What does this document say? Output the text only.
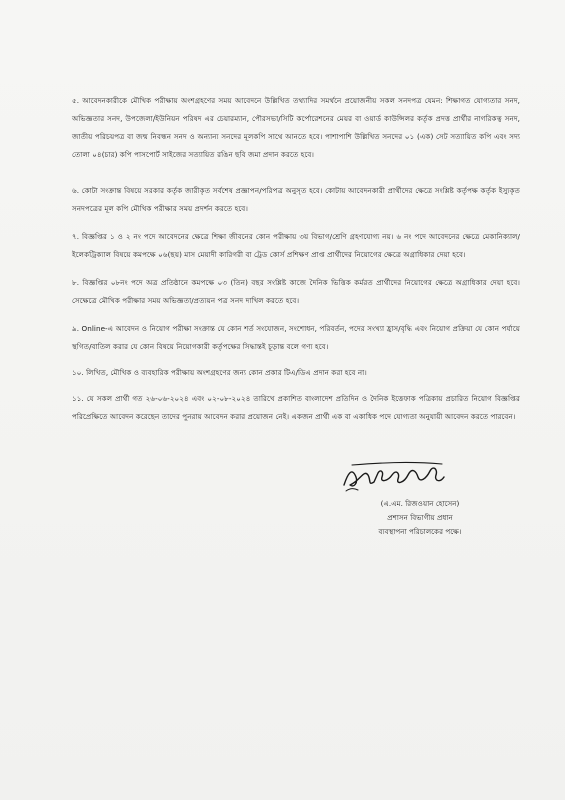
৫. আবেদনকারীকে মৌখিক পরীক্ষায় অংশগ্রহণের সময় আবেদনে উল্লিখিত তথ্যাদির সমর্থনে প্রয়োজনীয় সকল সনদপত্র যেমন: শিক্ষাগত যোগ্যতার সনদ, অভিজ্ঞতার সনদ, উপজেলা/ইউনিয়ন পরিষদ এর চেয়ারম্যান, পৌরসভা/সিটি কর্পোরেশনের মেয়র বা ওয়ার্ড কাউন্সিলর কর্তৃক প্রদত্ত প্রার্থীর নাগরিকত্ব সনদ, জাতীয় পরিচয়পত্র বা জন্ম নিবন্ধন সনদ ও অন্যান্য সনদের মূলকপি সাথে আনতে হবে। পাশাপাশি উল্লিখিত সনদের ০১ (এক) সেট সত্যায়িত কপি এবং সদ্য তোলা ০৪(চার) কপি পাসপোর্ট সাইজের সত্যায়িত রঙিন ছবি জমা প্রদান করতে হবে।

৬. কোটা সংক্রান্ত বিষয়ে সরকার কর্তৃক জারীকৃত সর্বশেষ প্রজ্ঞাপন/পরিপত্র অনুসৃত হবে। কোটায় আবেদনকারী প্রার্থীদের ক্ষেত্রে সংশ্লিষ্ট কর্তৃপক্ষ কর্তৃক ইস্যুকৃত সনদপত্রের মূল কপি মৌখিক পরীক্ষার সময় প্রদর্শন করতে হবে।

৭. বিজ্ঞপ্তির ১ ও ২ নং পদে আবেদনের ক্ষেত্রে শিক্ষা জীবনের কোন পরীক্ষায় ৩য় বিভাগ/শ্রেণি গ্রহণযোগ্য নয়। ৬ নং পদে আবেদনের ক্ষেত্রে মেকানিক্যাল/ইলেকট্রিক্যাল বিষয়ে কমপক্ষে ০৬(ছয়) মাস মেয়াদী কারিগরী বা ট্রেড কোর্স প্রশিক্ষণ প্রাপ্ত প্রার্থীদের নিয়োগের ক্ষেত্রে অগ্রাধিকার দেয়া হবে।

৮. বিজ্ঞপ্তির ০৮নং পদে অত্র প্রতিষ্ঠানে কমপক্ষে ০৩ (তিন) বছর সংশ্লিষ্ট কাজে দৈনিক ভিত্তিক কর্মরত প্রার্থীদের নিয়োগের ক্ষেত্রে অগ্রাধিকার দেয়া হবে। সেক্ষেত্রে মৌখিক পরীক্ষার সময় অভিজ্ঞতা/প্রত্যয়ন পত্র সনদ দাখিল করতে হবে।

৯. Online-এ আবেদন ও নিয়োগ পরীক্ষা সংক্রান্ত যে কোন শর্ত সংযোজন, সংশোধন, পরিবর্তন, পদের সংখ্যা হ্রাস/বৃদ্ধি এবং নিয়োগ প্রক্রিয়া যে কোন পর্যায়ে স্থগিত/বাতিল করার যে কোন বিষয়ে নিয়োগকারী কর্তৃপক্ষের সিদ্ধান্তই চূড়ান্ত বলে গণ্য হবে।

১০. লিখিত, মৌখিক ও ব্যবহারিক পরীক্ষায় অংশগ্রহণের জন্য কোন প্রকার টিএ/ডিএ প্রদান করা হবে না।

১১. যে সকল প্রার্থী গত ২৬-০৬-২০২৪ এবং ০২-০৮-২০২৪ তারিখে প্রকাশিত বাংলাদেশ প্রতিদিন ও দৈনিক ইত্তেফাক পত্রিকায় প্রচারিত নিয়োগ বিজ্ঞপ্তির পরিপ্রেক্ষিতে আবেদন করেছেন তাদের পুনরায় আবেদন করার প্রয়োজন নেই। একজন প্রার্থী এক বা একাধিক পদে যোগ্যতা অনুযায়ী আবেদন করতে পারবেন।

(এ.এম. রিজওয়ান হোসেন)
প্রশাসন বিভাগীয় প্রধান
ব্যবস্থাপনা পরিচালকের পক্ষে।
